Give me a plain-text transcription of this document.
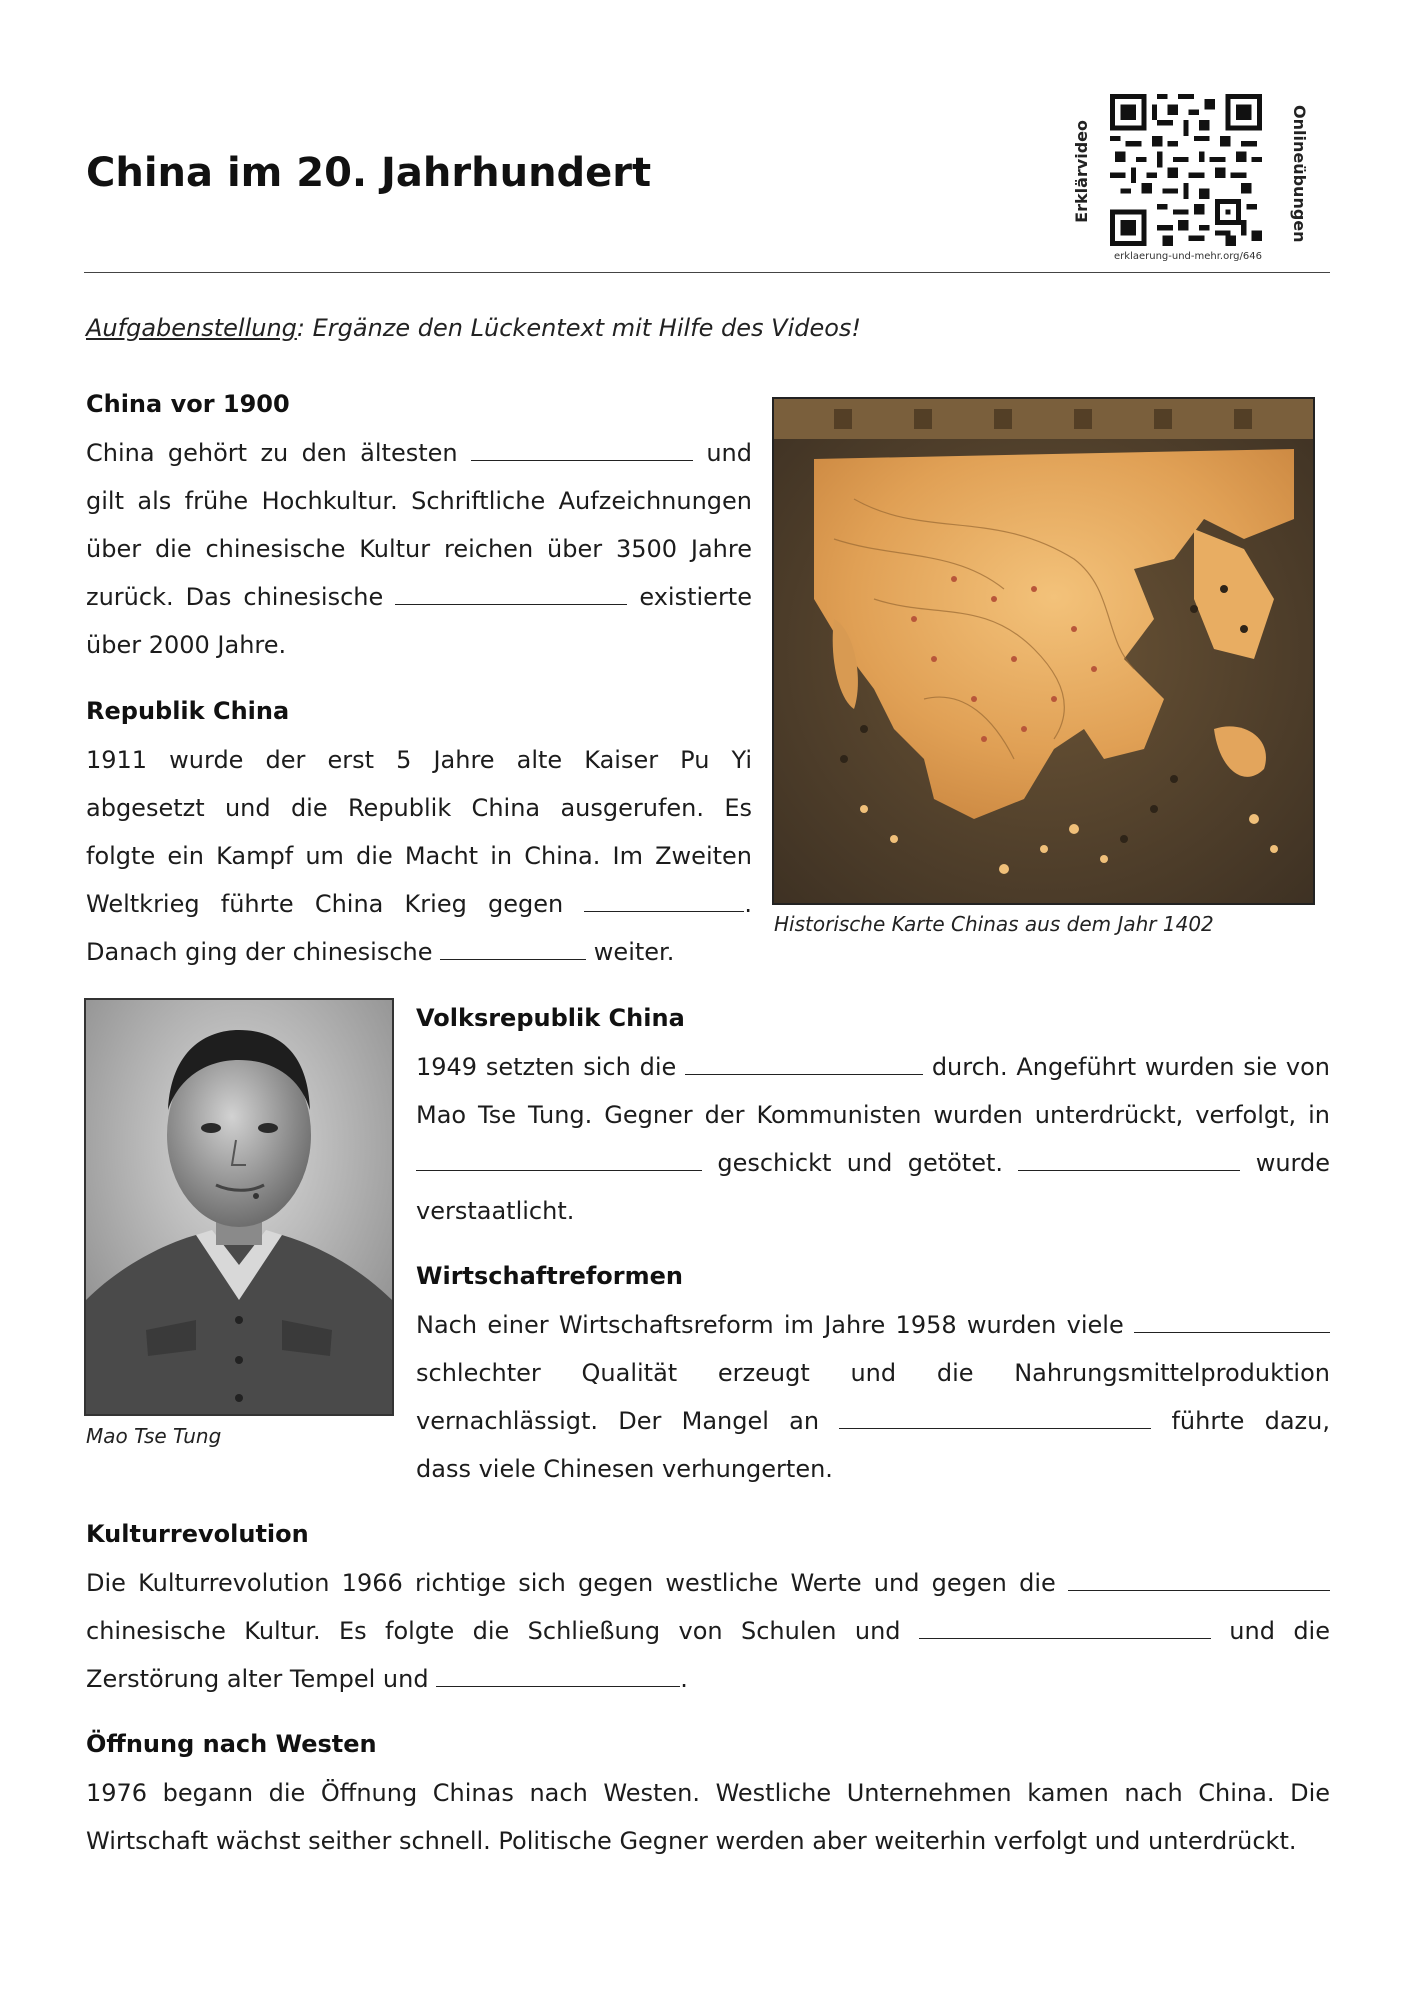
China im 20. Jahrhundert	Erklärvideo	Onlineübungen

erklaerung-und-mehr.org/646
Aufgabenstellung: Ergänze den Lückentext mit Hilfe des Videos!
China vor 1900
China gehört zu den ältesten	und
gilt als frühe Hochkultur. Schriftliche Aufzeichnungen
über die chinesische Kultur reichen über 3500 Jahre
zurück. Das chinesische	existierte
über 2000 Jahre.
Republik China
1911 wurde der erst 5 Jahre alte Kaiser Pu Yi
abgesetzt und die Republik China ausgerufen. Es
folgte ein Kampf um die Macht in China. Im Zweiten
Weltkrieg führte China Krieg gegen	.
Danach ging der chinesische	weiter.
Historische Karte Chinas aus dem Jahr 1402
Mao Tse Tung
Volksrepublik China
1949 setzten sich die	durch. Angeführt wurden sie von
Mao Tse Tung. Gegner der Kommunisten wurden unterdrückt, verfolgt, in
geschickt und getötet.	wurde
verstaatlicht.
Wirtschaftreformen
Nach einer Wirtschaftsreform im Jahre 1958 wurden viele
schlechter Qualität erzeugt und die Nahrungsmittelproduktion
vernachlässigt. Der Mangel an	führte dazu,
dass viele Chinesen verhungerten.
Kulturrevolution
Die Kulturrevolution 1966 richtige sich gegen westliche Werte und gegen die
chinesische Kultur. Es folgte die Schließung von Schulen und	und die
Zerstörung alter Tempel und	.
Öffnung nach Westen
1976 begann die Öffnung Chinas nach Westen. Westliche Unternehmen kamen nach China. Die
Wirtschaft wächst seither schnell. Politische Gegner werden aber weiterhin verfolgt und unterdrückt.
